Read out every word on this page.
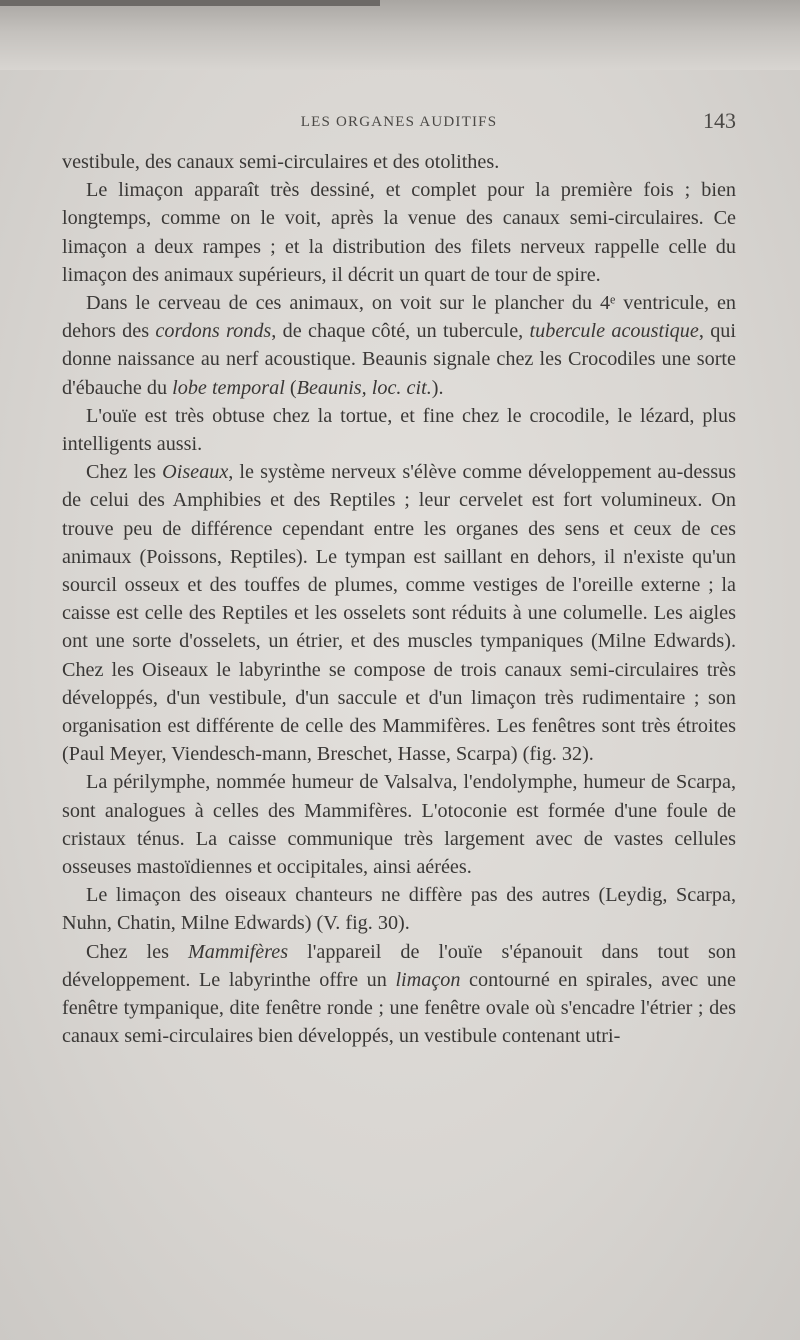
LES ORGANES AUDITIFS	143

vestibule, des canaux semi-circulaires et des otolithes.

Le limaçon apparaît très dessiné, et complet pour la première fois ; bien longtemps, comme on le voit, après la venue des canaux semi-circulaires. Ce limaçon a deux rampes ; et la distribution des filets nerveux rappelle celle du limaçon des animaux supérieurs, il décrit un quart de tour de spire.

Dans le cerveau de ces animaux, on voit sur le plancher du 4ᵉ ventricule, en dehors des cordons ronds, de chaque côté, un tubercule, tubercule acoustique, qui donne naissance au nerf acoustique. Beaunis signale chez les Crocodiles une sorte d'ébauche du lobe temporal (Beaunis, loc. cit.).

L'ouïe est très obtuse chez la tortue, et fine chez le crocodile, le lézard, plus intelligents aussi.

Chez les Oiseaux, le système nerveux s'élève comme développement au-dessus de celui des Amphibies et des Reptiles ; leur cervelet est fort volumineux. On trouve peu de différence cependant entre les organes des sens et ceux de ces animaux (Poissons, Reptiles). Le tympan est saillant en dehors, il n'existe qu'un sourcil osseux et des touffes de plumes, comme vestiges de l'oreille externe ; la caisse est celle des Reptiles et les osselets sont réduits à une columelle. Les aigles ont une sorte d'osselets, un étrier, et des muscles tympaniques (Milne Edwards). Chez les Oiseaux le labyrinthe se compose de trois canaux semi-circulaires très développés, d'un vestibule, d'un saccule et d'un limaçon très rudimentaire ; son organisation est différente de celle des Mammifères. Les fenêtres sont très étroites (Paul Meyer, Viendesch-mann, Breschet, Hasse, Scarpa) (fig. 32).

La périlymphe, nommée humeur de Valsalva, l'endolymphe, humeur de Scarpa, sont analogues à celles des Mammifères. L'otoconie est formée d'une foule de cristaux ténus. La caisse communique très largement avec de vastes cellules osseuses mastoïdiennes et occipitales, ainsi aérées.

Le limaçon des oiseaux chanteurs ne diffère pas des autres (Leydig, Scarpa, Nuhn, Chatin, Milne Edwards) (V. fig. 30).

Chez les Mammifères l'appareil de l'ouïe s'épanouit dans tout son développement. Le labyrinthe offre un limaçon contourné en spirales, avec une fenêtre tympanique, dite fenêtre ronde ; une fenêtre ovale où s'encadre l'étrier ; des canaux semi-circulaires bien développés, un vestibule contenant utri-
